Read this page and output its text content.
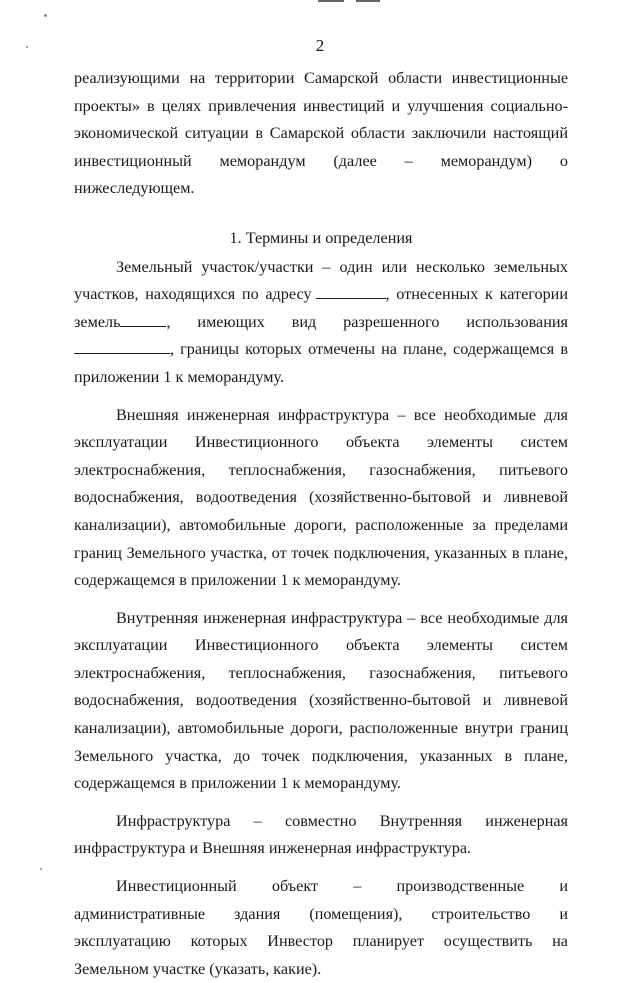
2

реализующими на территории Самарской области инвестиционные проекты» в целях привлечения инвестиций и улучшения социально-экономической ситуации в Самарской области заключили настоящий инвестиционный меморандум (далее – меморандум) о нижеследующем.

1. Термины и определения

Земельный участок/участки – один или несколько земельных участков, находящихся по адресу	, отнесенных к категории земель	, имеющих вид разрешенного использования, границы которых отмечены на плане, содержащемся в приложении 1 к меморандуму.

Внешняя инженерная инфраструктура – все необходимые для эксплуатации Инвестиционного объекта элементы систем электроснабжения, теплоснабжения, газоснабжения, питьевого водоснабжения, водоотведения (хозяйственно-бытовой и ливневой канализации), автомобильные дороги, расположенные за пределами границ Земельного участка, от точек подключения, указанных в плане, содержащемся в приложении 1 к меморандуму.

Внутренняя инженерная инфраструктура – все необходимые для эксплуатации Инвестиционного объекта элементы систем электроснабжения, теплоснабжения, газоснабжения, питьевого водоснабжения, водоотведения (хозяйственно-бытовой и ливневой канализации), автомобильные дороги, расположенные внутри границ Земельного участка, до точек подключения, указанных в плане, содержащемся в приложении 1 к меморандуму.

Инфраструктура – совместно Внутренняя инженерная инфраструктура и Внешняя инженерная инфраструктура.

Инвестиционный объект – производственные и административные здания (помещения), строительство и эксплуатацию которых Инвестор планирует осуществить на Земельном участке (указать, какие).
